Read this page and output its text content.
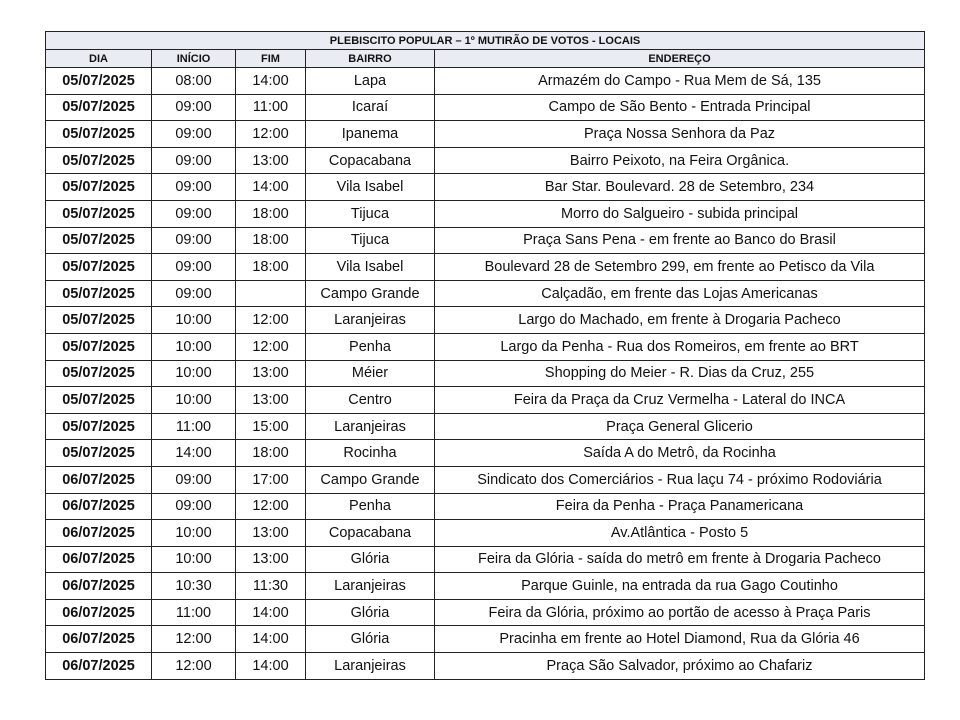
PLEBISCITO POPULAR – 1º MUTIRÃO DE VOTOS - LOCAIS				
DIA	INÍCIO	FIM	BAIRRO	ENDEREÇO
05/07/2025	08:00	14:00	Lapa	Armazém do Campo - Rua Mem de Sá, 135
05/07/2025	09:00	11:00	Icaraí	Campo de São Bento - Entrada Principal
05/07/2025	09:00	12:00	Ipanema	Praça Nossa Senhora da Paz
05/07/2025	09:00	13:00	Copacabana	Bairro Peixoto, na Feira Orgânica.
05/07/2025	09:00	14:00	Vila Isabel	Bar Star. Boulevard. 28 de Setembro, 234
05/07/2025	09:00	18:00	Tijuca	Morro do Salgueiro - subida principal
05/07/2025	09:00	18:00	Tijuca	Praça Sans Pena - em frente ao Banco do Brasil
05/07/2025	09:00	18:00	Vila Isabel	Boulevard 28 de Setembro 299, em frente ao Petisco da Vila
05/07/2025	09:00		Campo Grande	Calçadão, em frente das Lojas Americanas
05/07/2025	10:00	12:00	Laranjeiras	Largo do Machado, em frente à Drogaria Pacheco
05/07/2025	10:00	12:00	Penha	Largo da Penha - Rua dos Romeiros, em frente ao BRT
05/07/2025	10:00	13:00	Méier	Shopping do Meier - R. Dias da Cruz, 255
05/07/2025	10:00	13:00	Centro	Feira da Praça da Cruz Vermelha - Lateral do INCA
05/07/2025	11:00	15:00	Laranjeiras	Praça General Glicerio
05/07/2025	14:00	18:00	Rocinha	Saída A do Metrô, da Rocinha
06/07/2025	09:00	17:00	Campo Grande	Sindicato dos Comerciários - Rua laçu 74 - próximo Rodoviária
06/07/2025	09:00	12:00	Penha	Feira da Penha - Praça Panamericana
06/07/2025	10:00	13:00	Copacabana	Av.Atlântica - Posto 5
06/07/2025	10:00	13:00	Glória	Feira da Glória - saída do metrô em frente à Drogaria Pacheco
06/07/2025	10:30	11:30	Laranjeiras	Parque Guinle, na entrada da rua Gago Coutinho
06/07/2025	11:00	14:00	Glória	Feira da Glória, próximo ao portão de acesso à Praça Paris
06/07/2025	12:00	14:00	Glória	Pracinha em frente ao Hotel Diamond, Rua da Glória 46
06/07/2025	12:00	14:00	Laranjeiras	Praça São Salvador, próximo ao Chafariz
